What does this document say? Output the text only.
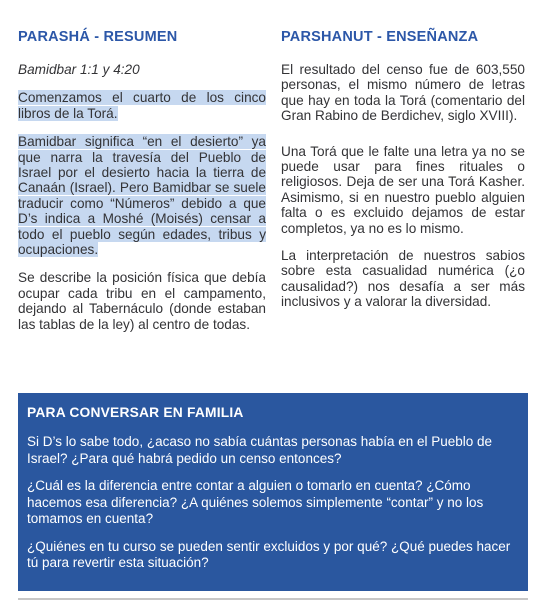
PARASHÁ - RESUMEN	PARSHANUT - ENSEÑANZA

Bamidbar 1:1 y 4:20

Comenzamos el cuarto de los cinco libros de la Torá.

Bamidbar significa “en el desierto” ya que narra la travesía del Pueblo de Israel por el desierto hacia la tierra de Canaán (Israel). Pero Bamidbar se suele traducir como “Números” debido a que D’s indica a Moshé (Moisés) censar a todo el pueblo según edades, tribus y ocupaciones.

Se describe la posición física que debía ocupar cada tribu en el campamento, dejando al Tabernáculo (donde estaban las tablas de la ley) al centro de todas.

El resultado del censo fue de 603,550 personas, el mismo número de letras que hay en toda la Torá (comentario del Gran Rabino de Berdichev, siglo XVIII).

Una Torá que le falte una letra ya no se puede usar para fines rituales o religiosos. Deja de ser una Torá Kasher. Asimismo, si en nuestro pueblo alguien falta o es excluido dejamos de estar completos, ya no es lo mismo.

La interpretación de nuestros sabios sobre esta casualidad numérica (¿o causalidad?) nos desafía a ser más inclusivos y a valorar la diversidad.

PARA CONVERSAR EN FAMILIA

Si D’s lo sabe todo, ¿acaso no sabía cuántas personas había en el Pueblo de Israel? ¿Para qué habrá pedido un censo entonces?

¿Cuál es la diferencia entre contar a alguien o tomarlo en cuenta? ¿Cómo hacemos esa diferencia? ¿A quiénes solemos simplemente “contar” y no los tomamos en cuenta?

¿Quiénes en tu curso se pueden sentir excluidos y por qué? ¿Qué puedes hacer tú para revertir esta situación?
